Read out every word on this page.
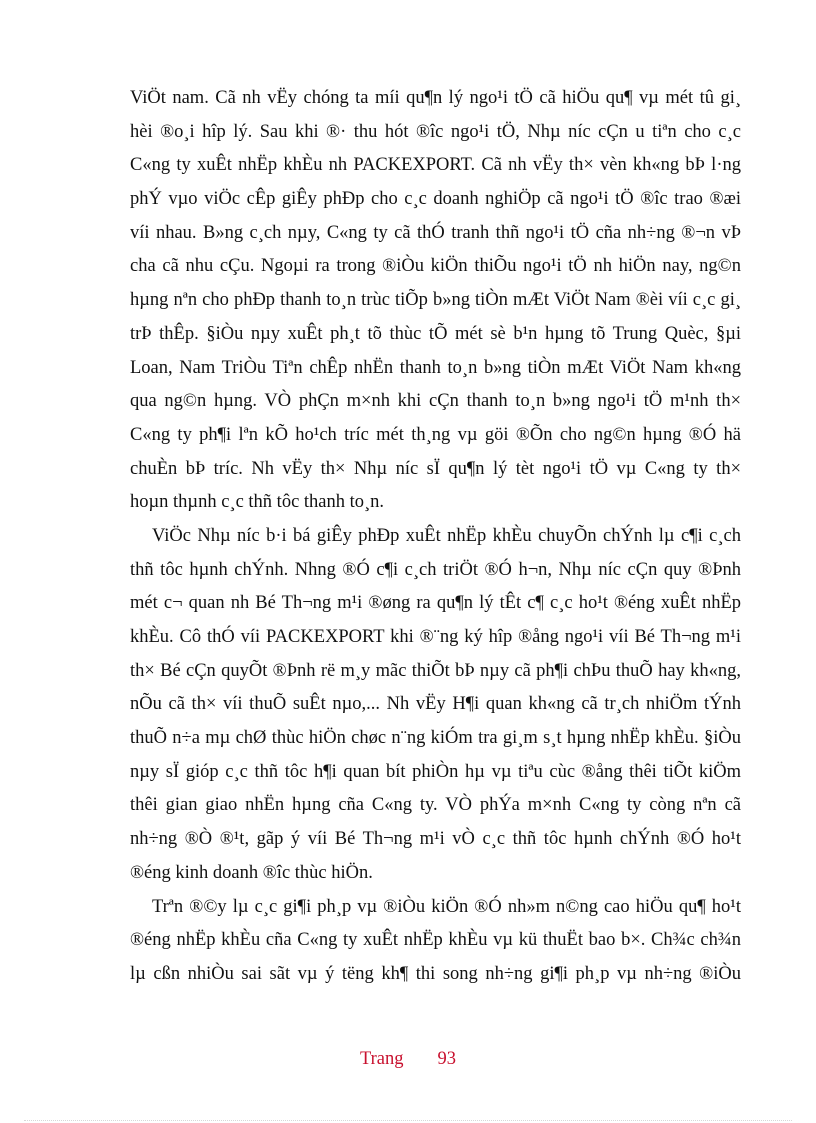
ViÖt nam. Cã nh vËy chóng ta míi qu¶n lý ngo¹i tÖ cã hiÖu qu¶ vµ mét tû gi¸
hèi ®o¸i hîp lý. Sau khi ®· thu hót ®îc ngo¹i tÖ, Nhµ níc cÇn u tiªn cho c¸c
C«ng ty xuÊt nhËp khÈu nh PACKEXPORT. Cã nh vËy th× vèn kh«ng bÞ l·ng
phÝ vµo viÖc cÊp giÊy phÐp cho c¸c doanh nghiÖp cã ngo¹i tÖ ®îc trao ®æi
víi nhau. B»ng c¸ch nµy, C«ng ty cã thÓ tranh thñ ngo¹i tÖ cña nh÷ng ®¬n vÞ
cha cã nhu cÇu. Ngoµi ra trong ®iÒu kiÖn thiÕu ngo¹i tÖ nh hiÖn nay, ng©n
hµng nªn cho phÐp thanh to¸n trùc tiÕp b»ng tiÒn mÆt ViÖt Nam ®èi víi c¸c gi¸
trÞ thÊp. §iÒu nµy xuÊt ph¸t tõ thùc tÕ mét sè b¹n hµng tõ Trung Quèc, §µi
Loan, Nam TriÒu Tiªn chÊp nhËn thanh to¸n b»ng tiÒn mÆt ViÖt Nam kh«ng
qua ng©n hµng. VÒ phÇn m×nh khi cÇn thanh to¸n b»ng ngo¹i tÖ m¹nh th×
C«ng ty ph¶i lªn kÕ ho¹ch tríc mét th¸ng vµ göi ®Õn cho ng©n hµng ®Ó hä
chuÈn bÞ tríc. Nh vËy th× Nhµ níc sÏ qu¶n lý tèt ngo¹i tÖ vµ C«ng ty th×
hoµn thµnh c¸c thñ tôc thanh to¸n.
ViÖc Nhµ níc b·i bá giÊy phÐp xuÊt nhËp khÈu chuyÕn chÝnh lµ c¶i c¸ch
thñ tôc hµnh chÝnh. Nhng ®Ó c¶i c¸ch triÖt ®Ó h¬n, Nhµ níc cÇn quy ®Þnh
mét c¬ quan nh Bé Th¬ng m¹i ®øng ra qu¶n lý tÊt c¶ c¸c ho¹t ®éng xuÊt nhËp
khÈu. Cô thÓ víi PACKEXPORT khi ®¨ng ký hîp ®ång ngo¹i víi Bé Th¬ng m¹i
th× Bé cÇn quyÕt ®Þnh rë m¸y mãc thiÕt bÞ nµy cã ph¶i chÞu thuÕ hay kh«ng,
nÕu cã th× víi thuÕ suÊt nµo,... Nh vËy H¶i quan kh«ng cã tr¸ch nhiÖm tÝnh
thuÕ n÷a mµ chØ thùc hiÖn chøc n¨ng kiÓm tra gi¸m s¸t hµng nhËp khÈu. §iÒu
nµy sÏ gióp c¸c thñ tôc h¶i quan bít phiÒn hµ vµ tiªu cùc ®ång thêi tiÕt kiÖm
thêi gian giao nhËn hµng cña C«ng ty. VÒ phÝa m×nh C«ng ty còng nªn cã
nh÷ng ®Ò ®¹t, gãp ý víi Bé Th¬ng m¹i vÒ c¸c thñ tôc hµnh chÝnh ®Ó ho¹t
®éng kinh doanh ®îc thùc hiÖn.
Trªn ®©y lµ c¸c gi¶i ph¸p vµ ®iÒu kiÖn ®Ó nh»m n©ng cao hiÖu qu¶ ho¹t
®éng nhËp khÈu cña C«ng ty xuÊt nhËp khÈu vµ kü thuËt bao b×. Ch¾c ch¾n
lµ cßn nhiÒu sai sãt vµ ý tëng kh¶ thi song nh÷ng gi¶i ph¸p vµ nh÷ng ®iÒu
Trang 93
